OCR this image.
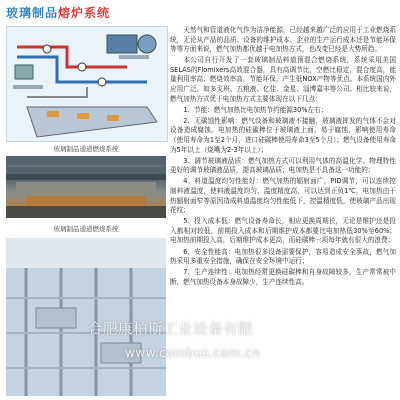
玻璃制品熔炉系统
玻璃制品通道燃烧系统
玻璃制品通道燃烧系统

天然气和管道液化气作为洁净能源，已经越来越广泛的应用于工业燃烧系统，无论从产品的品质、设备的维护成本、企业的生产运行成本还是节能环保等等方面来说，燃气加热都优越于电加热方式，也改变已经是大势所趋。

本公司自行开发了一套玻璃制品料道预混合燃烧系统，系统采用美国SELAS的Flomixers高效混合器，具有高调节比，空燃比稳定，混合度高，能量利用率高；燃烧效率高，节能环保，产生低NOX产物等优点。本系统国内外应用广泛，如多戈班、五粮液、亿佳、金星、淄博嘉丰等公司。相比较来说，燃气加热方式优于电加热方式主要体现在以下几点：

1、节能：燃气加热比电加热节约能源30%左右；

2、无碳蚀性影响：燃气设备和玻璃液不接触，玻璃液挥发的气体不会对设备造成腐蚀。电加热的硅碳棒位于玻璃液上面，易于腐蚀，影响使用寿命（使用寿命为1至2个月，进口硅碳棒使用寿命3至5个月）；燃气设备使用寿命为5年以上（烧嘴为2-3年以上）；

3、调节玻璃液品质：燃气加热方式可以利用气体的高温化学、物理特性更好的调节玻璃液品质，提高玻璃品质；电加热是不具备这一功能的；

4、料道温度均匀性能好：燃气加热的辐射面广，PID调节，可以连续控制料液温度，使料液温度均匀，温度精度高，可以达到正负1℃，电加热由于热辐射面窄等原因造成料道温度均匀性能低下，控温精度低，使玻璃产品出现花纹；

5、投入成本低：燃气设备寿命长，相应更换周期长，无论是维护还是投入都相对较低，前期投入成本和后期维护成本都要比电加热低30%至60%；电加热前期投入高，后期维护成本更高，而硅碳棒一项每年就有很大的浪费；

6、安全性能高：电加热很多设备需要保护，容易造成安全事故，燃气加热采用多重安全措施，确保在安全环境中运行；

7、生产连续性：电加热经常更换硅碳棒和自身故障较多，生产常常被中断，燃气加热设备本身故障少，生产连续性高。

合肥康柏斯工业设备有限
www.combus.com.cn
